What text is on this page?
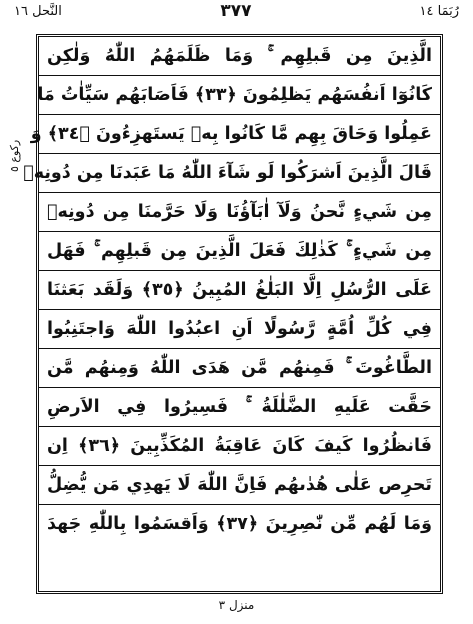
النَّحل ١٦	٣٧٧	رُبَمَا ١٤
ركوع ٥
الَّذِينَ مِن قَبلِهِم ۚ وَمَا ظَلَمَهُمُ اللّٰهُ وَلٰكِن
كَانُوٓا اَنفُسَهُم يَظلِمُونَ ﴿٣٣﴾ فَاَصَابَهُم سَيِّاٰتُ مَا
عَمِلُوا وَحَاقَ بِهِم مَّا كَانُوا بِهٖ يَستَهزِءُونَ ﴿٣٤﴾ وَ
قَالَ الَّذِينَ اَشرَكُوا لَو شَآءَ اللّٰهُ مَا عَبَدنَا مِن دُونِهٖ
مِن شَيءٍ نَّحنُ وَلَآ اٰبَآؤُنَا وَلَا حَرَّمنَا مِن دُونِهٖ
مِن شَيءٍ ۚ كَذٰلِكَ فَعَلَ الَّذِينَ مِن قَبلِهِم ۚ فَهَل
عَلَى الرُّسُلِ اِلَّا البَلٰغُ المُبِينُ ﴿٣٥﴾ وَلَقَد بَعَثنَا
فِي كُلِّ اُمَّةٍ رَّسُولًا اَنِ اعبُدُوا اللّٰهَ وَاجتَنِبُوا
الطَّاغُوتَ ۚ فَمِنهُم مَّن هَدَى اللّٰهُ وَمِنهُم مَّن
حَقَّت عَلَيهِ الضَّلٰلَةُ ۚ فَسِيرُوا فِي الاَرضِ
فَانظُرُوا كَيفَ كَانَ عَاقِبَةُ المُكَذِّبِينَ ﴿٣٦﴾ اِن
تَحرِص عَلٰى هُدٰىهُم فَاِنَّ اللّٰهَ لَا يَهدِي مَن يُّضِلُّ
وَمَا لَهُم مِّن نّٰصِرِينَ ﴿٣٧﴾ وَاَقسَمُوا بِاللّٰهِ جَهدَ
منزل ٣
